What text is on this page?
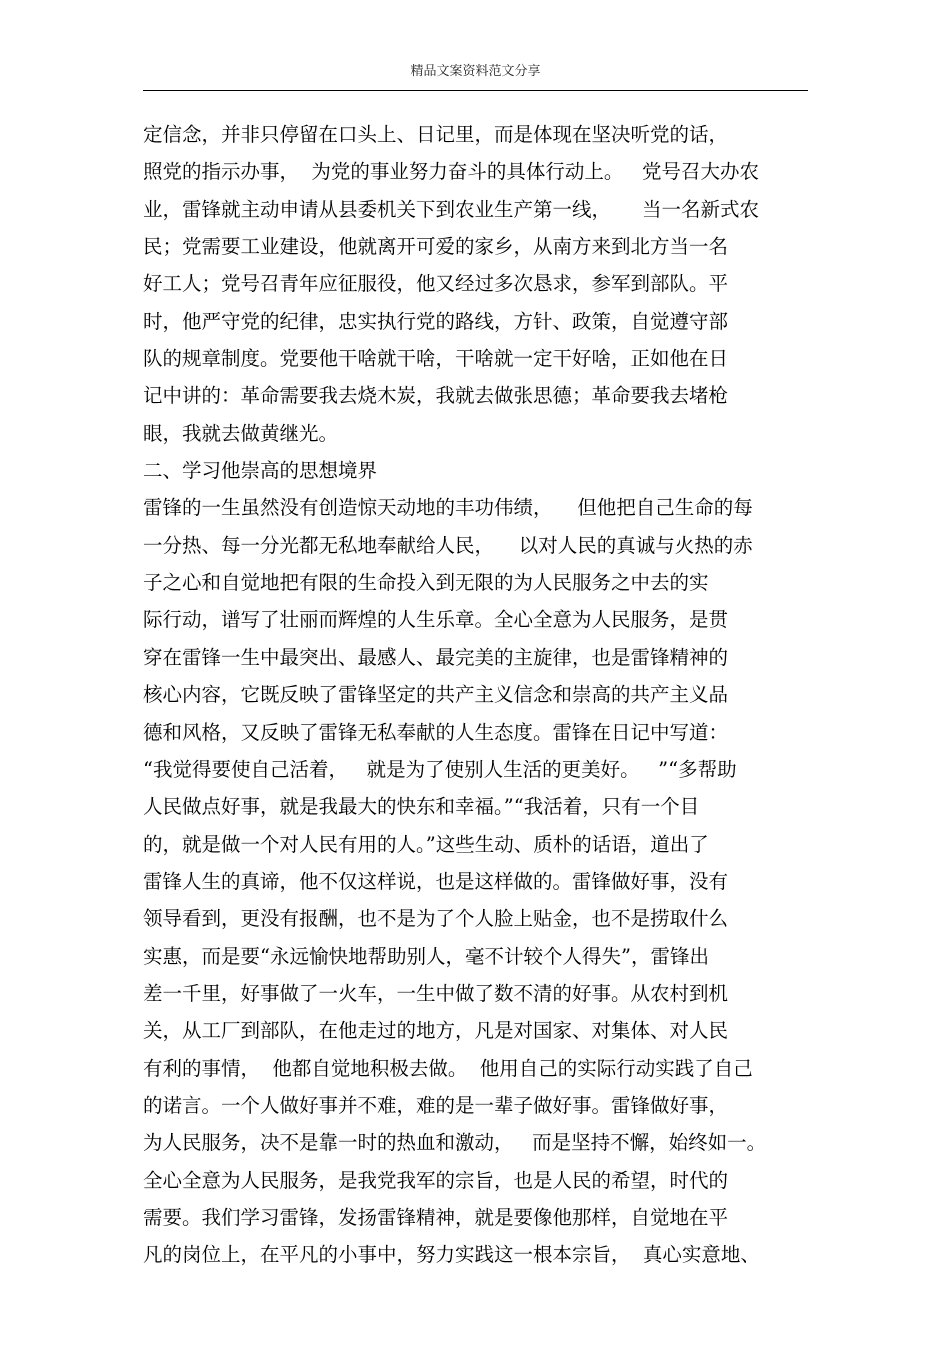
精品文案资料范文分享
定信念，并非只停留在口头上、日记里，而是体现在坚决听党的话，
照党的指示办事，  为党的事业努力奋斗的具体行动上。   党号召大办农
业，雷锋就主动申请从县委机关下到农业生产第一线，     当一名新式农
民；党需要工业建设，他就离开可爱的家乡，从南方来到北方当一名
好工人；党号召青年应征服役，他又经过多次恳求，参军到部队。平
时，他严守党的纪律，忠实执行党的路线，方针、政策，自觉遵守部
队的规章制度。党要他干啥就干啥，干啥就一定干好啥，正如他在日
记中讲的：革命需要我去烧木炭，我就去做张思德；革命要我去堵枪
眼，我就去做黄继光。
二、学习他崇高的思想境界
雷锋的一生虽然没有创造惊天动地的丰功伟绩，    但他把自己生命的每
一分热、每一分光都无私地奉献给人民，    以对人民的真诚与火热的赤
子之心和自觉地把有限的生命投入到无限的为人民服务之中去的实
际行动，谱写了壮丽而辉煌的人生乐章。全心全意为人民服务，是贯
穿在雷锋一生中最突出、最感人、最完美的主旋律，也是雷锋精神的
核心内容，它既反映了雷锋坚定的共产主义信念和崇高的共产主义品
德和风格，又反映了雷锋无私奉献的人生态度。雷锋在日记中写道：
“我觉得要使自己活着，   就是为了使别人生活的更美好。   ”“多帮助
人民做点好事，就是我最大的快东和幸福。”“我活着，只有一个目
的，就是做一个对人民有用的人。”这些生动、质朴的话语，道出了
雷锋人生的真谛，他不仅这样说，也是这样做的。雷锋做好事，没有
领导看到，更没有报酬，也不是为了个人脸上贴金，也不是捞取什么
实惠，而是要“永远愉快地帮助别人，毫不计较个人得失”，雷锋出
差一千里，好事做了一火车，一生中做了数不清的好事。从农村到机
关，从工厂到部队，在他走过的地方，凡是对国家、对集体、对人民
有利的事情，  他都自觉地积极去做。  他用自己的实际行动实践了自己
的诺言。一个人做好事并不难，难的是一辈子做好事。雷锋做好事，
为人民服务，决不是靠一时的热血和激动，   而是坚持不懈，始终如一。
全心全意为人民服务，是我党我军的宗旨，也是人民的希望，时代的
需要。我们学习雷锋，发扬雷锋精神，就是要像他那样，自觉地在平
凡的岗位上，在平凡的小事中，努力实践这一根本宗旨，  真心实意地、
